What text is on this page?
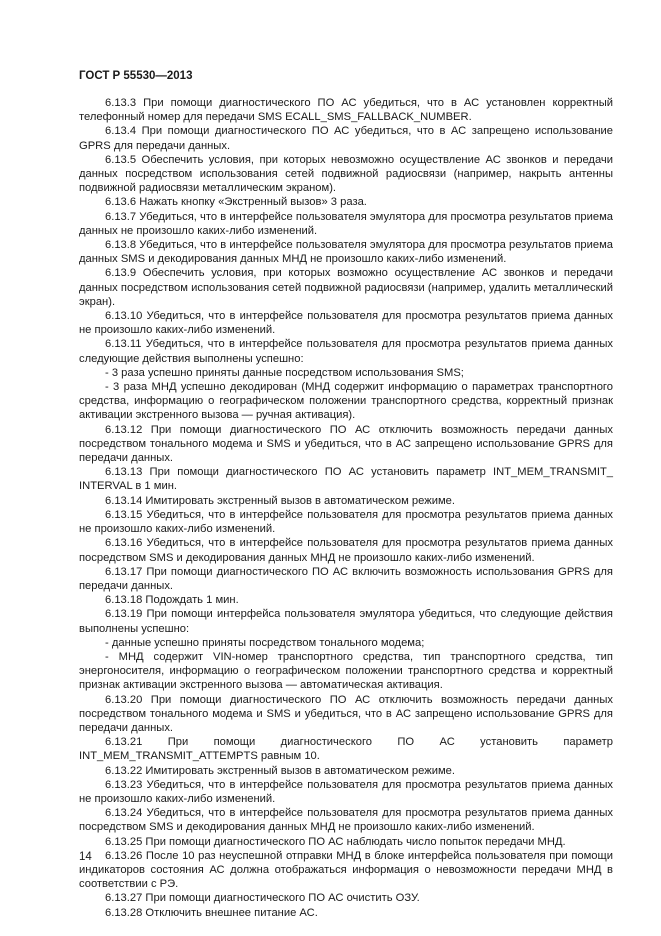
ГОСТ Р 55530—2013

6.13.3 При помощи диагностического ПО АС убедиться, что в АС установлен корректный телефонный номер для передачи SMS ECALL_SMS_FALLBACK_NUMBER.

6.13.4 При помощи диагностического ПО АС убедиться, что в АС запрещено использование GPRS для передачи данных.

6.13.5 Обеспечить условия, при которых невозможно осуществление АС звонков и передачи данных посредством использования сетей подвижной радиосвязи (например, накрыть антенны подвижной радиосвязи металлическим экраном).

6.13.6 Нажать кнопку «Экстренный вызов» 3 раза.

6.13.7 Убедиться, что в интерфейсе пользователя эмулятора для просмотра результатов приема данных не произошло каких-либо изменений.

6.13.8 Убедиться, что в интерфейсе пользователя эмулятора для просмотра результатов приема данных SMS и декодирования данных МНД не произошло каких-либо изменений.

6.13.9 Обеспечить условия, при которых возможно осуществление АС звонков и передачи данных посредством использования сетей подвижной радиосвязи (например, удалить металлический экран).

6.13.10 Убедиться, что в интерфейсе пользователя для просмотра результатов приема данных не произошло каких-либо изменений.

6.13.11 Убедиться, что в интерфейсе пользователя для просмотра результатов приема данных следующие действия выполнены успешно:

- 3 раза успешно приняты данные посредством использования SMS;

- 3 раза МНД успешно декодирован (МНД содержит информацию о параметрах транспортного средства, информацию о географическом положении транспортного средства, корректный признак активации экстренного вызова — ручная активация).

6.13.12 При помощи диагностического ПО АС отключить возможность передачи данных посредством тонального модема и SMS и убедиться, что в АС запрещено использование GPRS для передачи данных.

6.13.13 При помощи диагностического ПО АС установить параметр INT_MEM_TRANSMIT_ INTERVAL в 1 мин.

6.13.14 Имитировать экстренный вызов в автоматическом режиме.

6.13.15 Убедиться, что в интерфейсе пользователя для просмотра результатов приема данных не произошло каких-либо изменений.

6.13.16 Убедиться, что в интерфейсе пользователя для просмотра результатов приема данных посредством SMS и декодирования данных МНД не произошло каких-либо изменений.

6.13.17 При помощи диагностического ПО АС включить возможность использования GPRS для передачи данных.

6.13.18 Подождать 1 мин.

6.13.19 При помощи интерфейса пользователя эмулятора убедиться, что следующие действия выполнены успешно:

- данные успешно приняты посредством тонального модема;

- МНД содержит VIN-номер транспортного средства, тип транспортного средства, тип энергоносителя, информацию о географическом положении транспортного средства и корректный признак активации экстренного вызова — автоматическая активация.

6.13.20 При помощи диагностического ПО АС отключить возможность передачи данных посредством тонального модема и SMS и убедиться, что в АС запрещено использование GPRS для передачи данных.

6.13.21 При помощи диагностического ПО АС установить параметр INT_MEM_TRANSMIT_ATTEMPTS равным 10.

6.13.22 Имитировать экстренный вызов в автоматическом режиме.

6.13.23 Убедиться, что в интерфейсе пользователя для просмотра результатов приема данных не произошло каких-либо изменений.

6.13.24 Убедиться, что в интерфейсе пользователя для просмотра результатов приема данных посредством SMS и декодирования данных МНД не произошло каких-либо изменений.

6.13.25 При помощи диагностического ПО АС наблюдать число попыток передачи МНД.

6.13.26 После 10 раз неуспешной отправки МНД в блоке интерфейса пользователя при помощи индикаторов состояния АС должна отображаться информация о невозможности передачи МНД в соответствии с РЭ.

6.13.27 При помощи диагностического ПО АС очистить ОЗУ.

6.13.28 Отключить внешнее питание АС.

14
